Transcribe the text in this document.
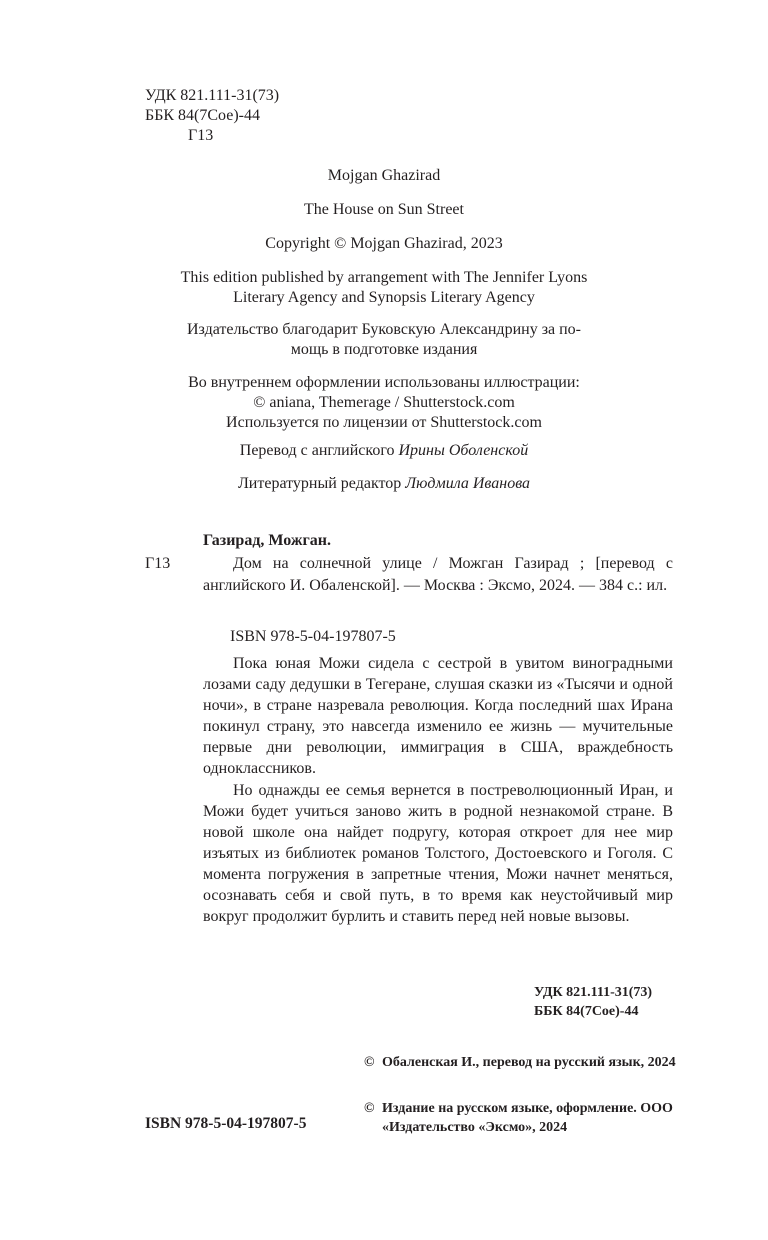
УДК 821.111-31(73)
ББК 84(7Сое)-44
Г13
Mojgan Ghazirad
The House on Sun Street
Copyright © Mojgan Ghazirad, 2023

This edition published by arrangement with The Jennifer Lyons

Literary Agency and Synopsis Literary Agency

Издательство благодарит Буковскую Александрину за по-

мощь в подготовке издания

Во внутреннем оформлении использованы иллюстрации:

© aniana, Themerage / Shutterstock.com

Используется по лицензии от Shutterstock.com

Перевод с английского Ирины Оболенской
Литературный редактор Людмила Иванова
Газирад, Можган.
Г13	Дом на солнечной улице / Можган Газирад ; [перевод с английского И. Обаленской]. — Москва : Эксмо, 2024. — 384 с.: ил.

ISBN 978-5-04-197807-5

Пока юная Можи сидела с сестрой в увитом виноградными лозами саду дедушки в Тегеране, слушая сказки из «Тысячи и одной ночи», в стране назревала революция. Когда последний шах Ирана покинул страну, это навсегда изменило ее жизнь — мучительные первые дни революции, иммиграция в США, враждебность одноклассников.

Но однажды ее семья вернется в постреволюционный Иран, и Можи будет учиться заново жить в родной незнакомой стране. В новой школе она найдет подругу, которая откроет для нее мир изъятых из библиотек романов Толстого, Достоевского и Гоголя. С момента погружения в запретные чтения, Можи начнет меняться, осознавать себя и свой путь, в то время как неустойчивый мир вокруг продолжит бурлить и ставить перед ней новые вызовы.

УДК 821.111-31(73)
ББК 84(7Сое)-44
© Обаленская И., перевод на русский язык, 2024
© Издание на русском языке, оформление. ООО «Издательство «Эксмо», 2024
ISBN 978-5-04-197807-5
